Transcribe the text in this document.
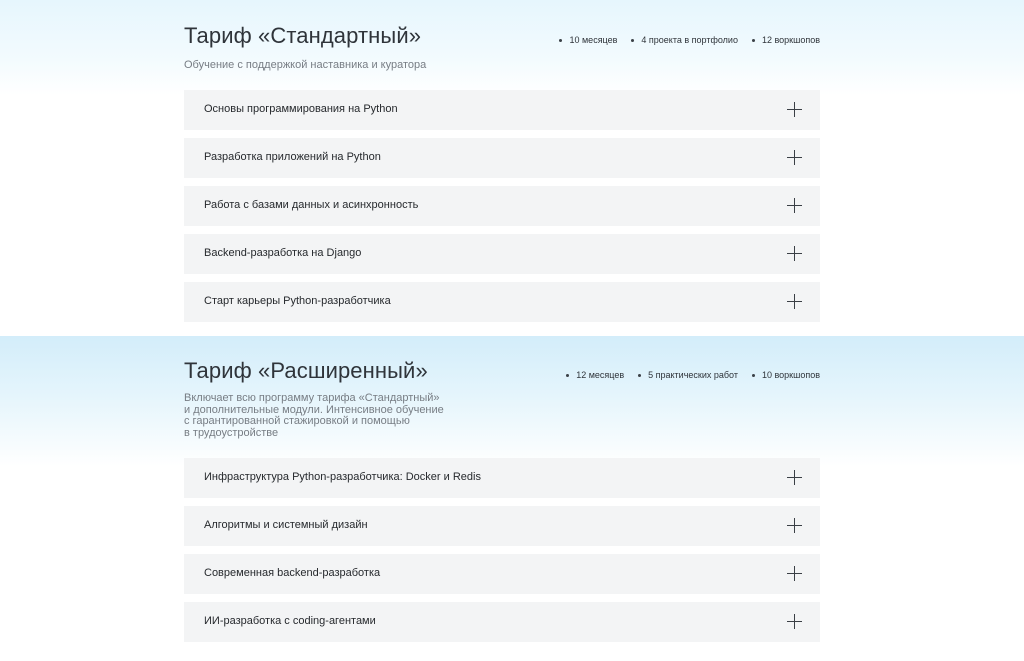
Тариф «Стандартный»	10 месяцев	4 проекта в портфолио	12 воркшопов

Обучение с поддержкой наставника и куратора

Основы программирования на Python
Разработка приложений на Python
Работа с базами данных и асинхронность
Backend-разработка на Django
Старт карьеры Python-разработчика
Тариф «Расширенный»	12 месяцев	5 практических работ	10 воркшопов

Включает всю программу тарифа «Стандартный»
и дополнительные модули. Интенсивное обучение
с гарантированной стажировкой и помощью
в трудоустройстве

Инфраструктура Python-разработчика: Docker и Redis
Алгоритмы и системный дизайн
Современная backend-разработка
ИИ-разработка с coding-агентами
